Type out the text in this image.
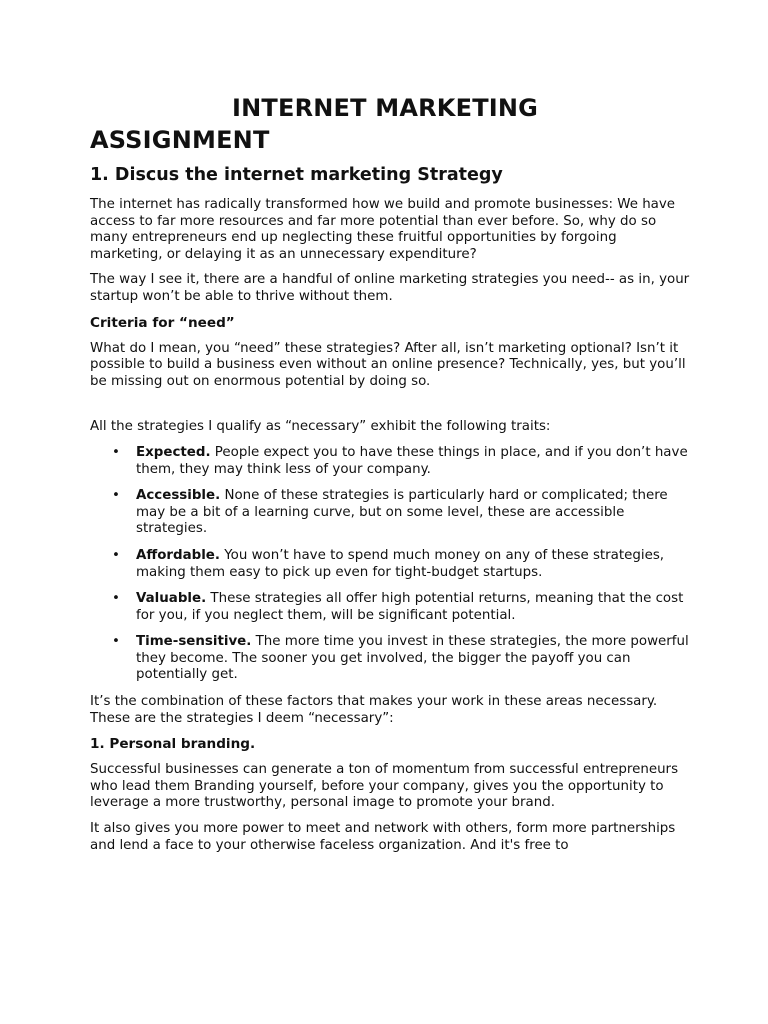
INTERNET MARKETING
ASSIGNMENT
1. Discus the internet marketing Strategy

The internet has radically transformed how we build and promote businesses: We have access to far more resources and far more potential than ever before. So, why do so many entrepreneurs end up neglecting these fruitful opportunities by forgoing marketing, or delaying it as an unnecessary expenditure?

The way I see it, there are a handful of online marketing strategies you need-- as in, your startup won’t be able to thrive without them.

Criteria for “need”

What do I mean, you “need” these strategies? After all, isn’t marketing optional? Isn’t it possible to build a business even without an online presence? Technically, yes, but you’ll be missing out on enormous potential by doing so.

All the strategies I qualify as “necessary” exhibit the following traits:

• Expected. People expect you to have these things in place, and if you don’t have them, they may think less of your company.
• Accessible. None of these strategies is particularly hard or complicated; there may be a bit of a learning curve, but on some level, these are accessible strategies.
• Affordable. You won’t have to spend much money on any of these strategies, making them easy to pick up even for tight-budget startups.
• Valuable. These strategies all offer high potential returns, meaning that the cost for you, if you neglect them, will be significant potential.
• Time-sensitive. The more time you invest in these strategies, the more powerful they become. The sooner you get involved, the bigger the payoff you can potentially get.

It’s the combination of these factors that makes your work in these areas necessary. These are the strategies I deem “necessary”:

1. Personal branding.

Successful businesses can generate a ton of momentum from successful entrepreneurs who lead them Branding yourself, before your company, gives you the opportunity to leverage a more trustworthy, personal image to promote your brand.

It also gives you more power to meet and network with others, form more partnerships and lend a face to your otherwise faceless organization. And it's free to
